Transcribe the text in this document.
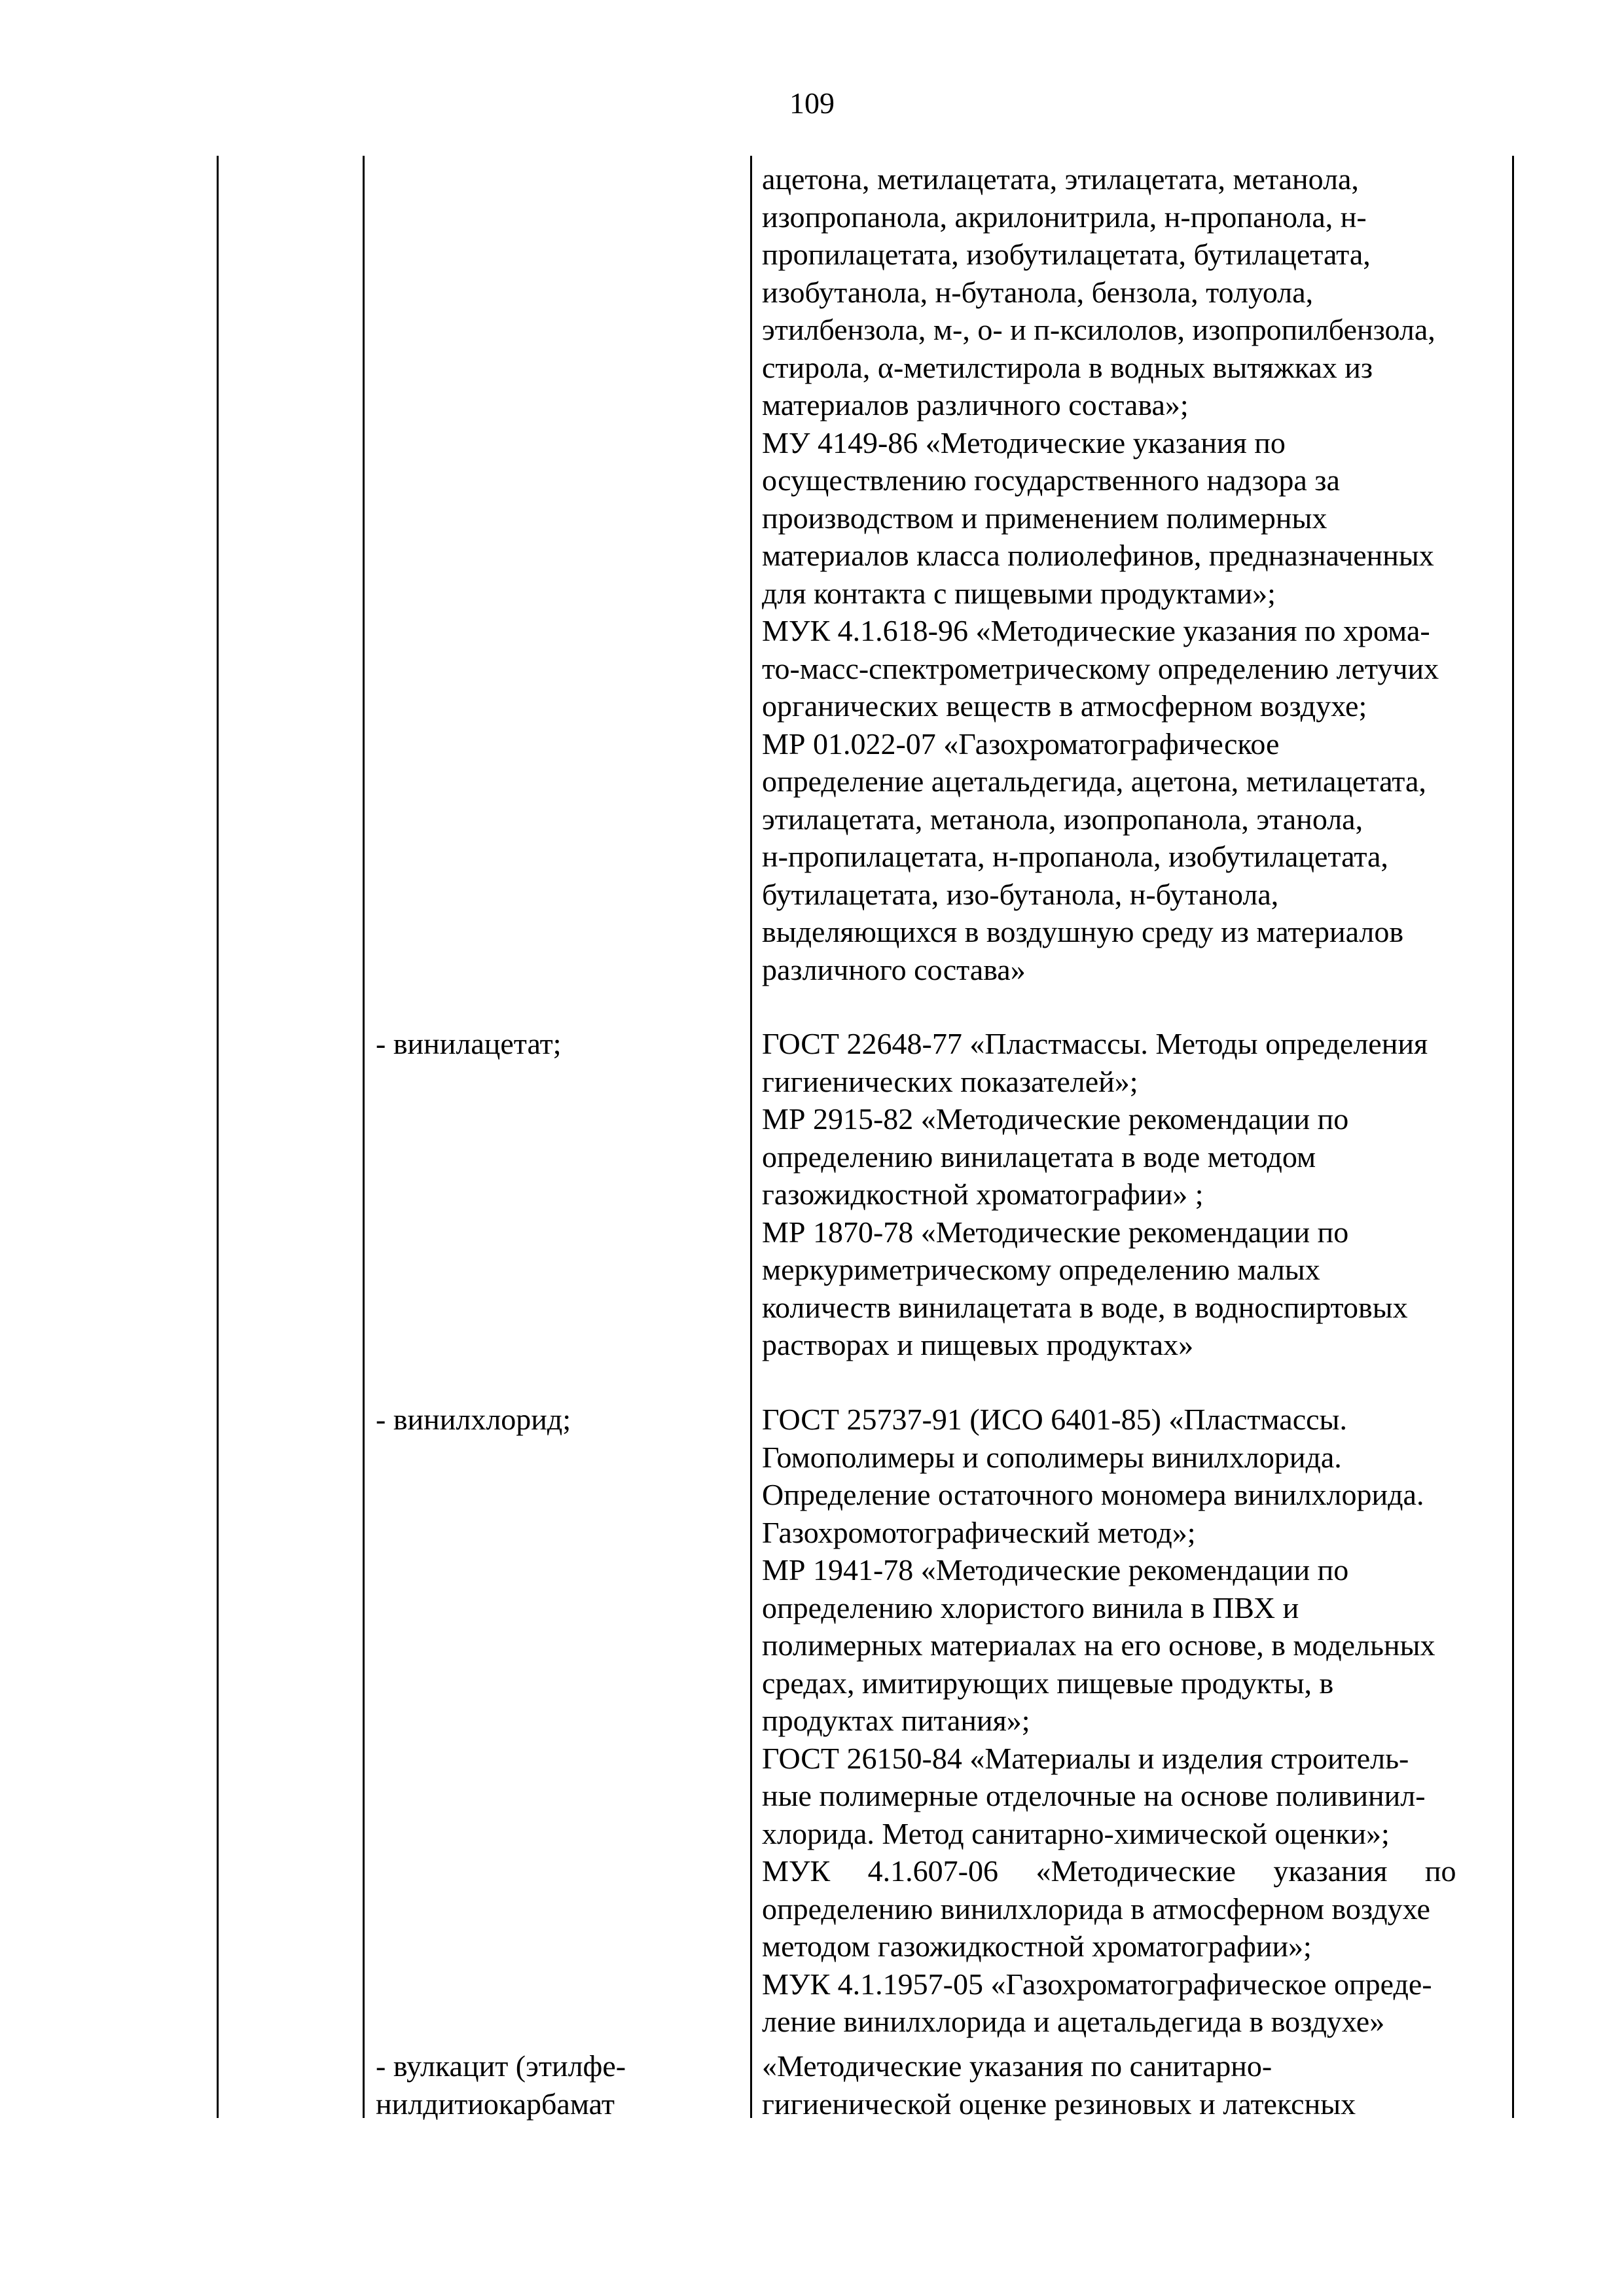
109
ацетона, метилацетата, этилацетата, метанола,
изопропанола, акрилонитрила, н-пропанола, н-
пропилацетата, изобутилацетата, бутилацетата,
изобутанола, н-бутанола, бензола, толуола,
этилбензола, м-, о- и п-ксилолов, изопропилбензола,
стирола, α-метилстирола в водных вытяжках из
материалов различного состава»;
МУ 4149-86 «Методические указания по
осуществлению государственного надзора за
производством и применением полимерных
материалов класса полиолефинов, предназначенных
для контакта с пищевыми продуктами»;
МУК 4.1.618-96 «Методические указания по хрома-
то-масс-спектрометрическому определению летучих
органических веществ в атмосферном воздухе;
МР 01.022-07 «Газохроматографическое
определение ацетальдегида, ацетона, метилацетата,
этилацетата, метанола, изопропанола, этанола,
н-пропилацетата, н-пропанола, изобутилацетата,
бутилацетата, изо-бутанола, н-бутанола,
выделяющихся в воздушную среду из материалов
различного состава»
- винилацетат;	ГОСТ 22648-77 «Пластмассы. Методы определения
гигиенических показателей»;
МР 2915-82 «Методические рекомендации по
определению винилацетата в воде методом
газожидкостной хроматографии» ;
МР 1870-78 «Методические рекомендации по
меркуриметрическому определению малых
количеств винилацетата в воде, в водноспиртовых
растворах и пищевых продуктах»
- винилхлорид;	ГОСТ 25737-91 (ИСО 6401-85) «Пластмассы.
Гомополимеры и сополимеры винилхлорида.
Определение остаточного мономера винилхлорида.
Газохромотографический метод»;
МР 1941-78 «Методические рекомендации по
определению хлористого винила в ПВХ и
полимерных материалах на его основе, в модельных
средах, имитирующих пищевые продукты, в
продуктах питания»;
ГОСТ 26150-84 «Материалы и изделия строитель-
ные полимерные отделочные на основе поливинил-
хлорида. Метод санитарно-химической оценки»;
МУК     4.1.607-06     «Методические     указания     по
определению винилхлорида в атмосферном воздухе
методом газожидкостной хроматографии»;
МУК 4.1.1957-05 «Газохроматографическое опреде-
ление винилхлорида и ацетальдегида в воздухе»
- вулкацит (этилфе-
нилдитиокарбамат
«Методические указания по санитарно-
гигиенической оценке резиновых и латексных
